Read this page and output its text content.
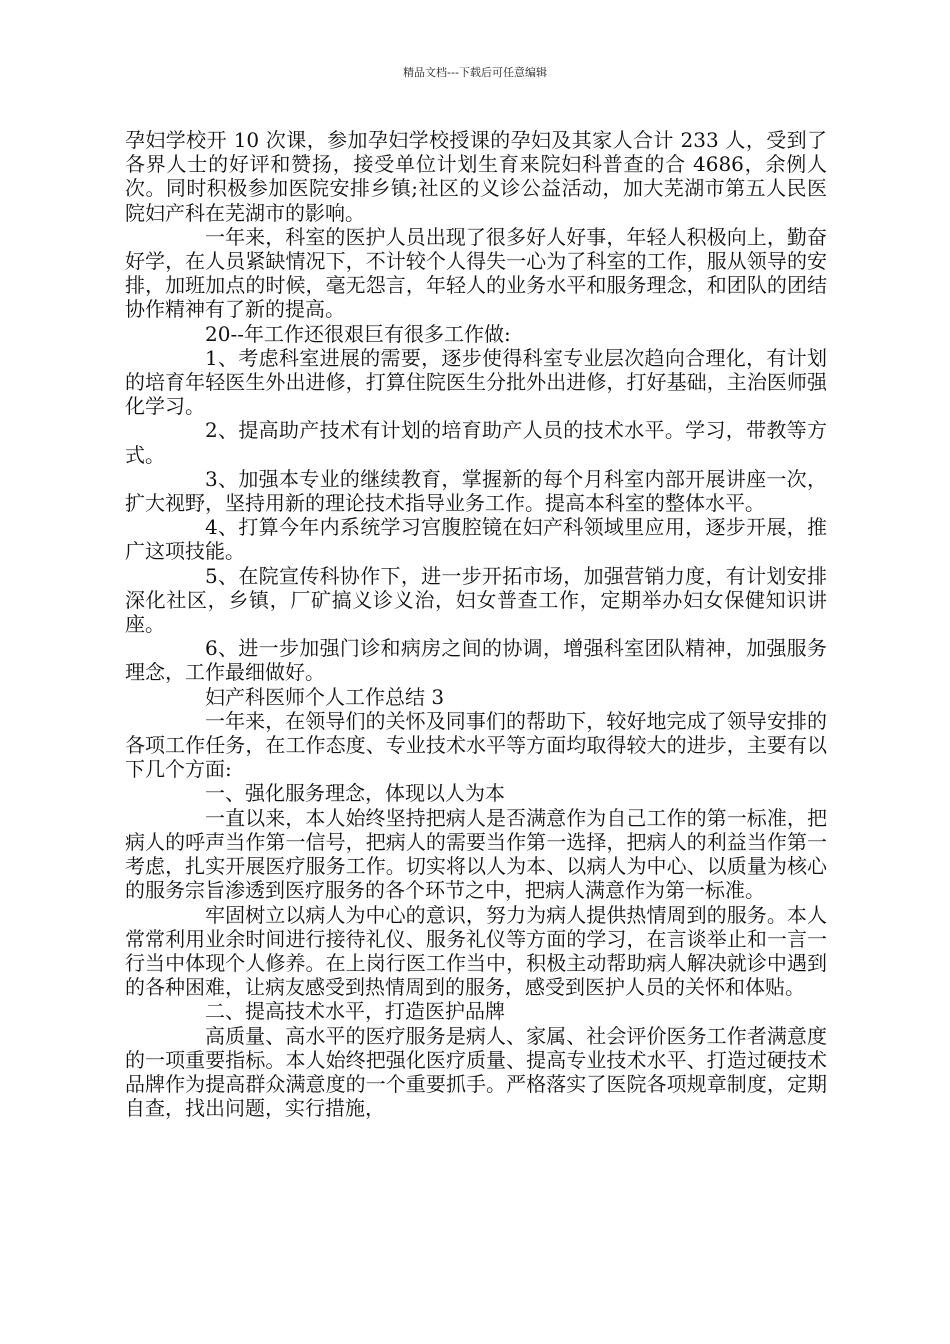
精品文档---下载后可任意编辑

孕妇学校开 10 次课，参加孕妇学校授课的孕妇及其家人合计 233 人，受到了各界人士的好评和赞扬，接受单位计划生育来院妇科普查的合 4686，余例人次。同时积极参加医院安排乡镇;社区的义诊公益活动，加大芜湖市第五人民医院妇产科在芜湖市的影响。

一年来，科室的医护人员出现了很多好人好事，年轻人积极向上，勤奋好学，在人员紧缺情况下，不计较个人得失一心为了科室的工作，服从领导的安排，加班加点的时候，毫无怨言，年轻人的业务水平和服务理念，和团队的团结协作精神有了新的提高。

20--年工作还很艰巨有很多工作做:

1、考虑科室进展的需要，逐步使得科室专业层次趋向合理化，有计划的培育年轻医生外出进修，打算住院医生分批外出进修，打好基础，主治医师强化学习。

2、提高助产技术有计划的培育助产人员的技术水平。学习，带教等方式。

3、加强本专业的继续教育，掌握新的每个月科室内部开展讲座一次，扩大视野，坚持用新的理论技术指导业务工作。提高本科室的整体水平。

4、打算今年内系统学习宫腹腔镜在妇产科领域里应用，逐步开展，推广这项技能。

5、在院宣传科协作下，进一步开拓市场，加强营销力度，有计划安排深化社区，乡镇，厂矿搞义诊义治，妇女普查工作，定期举办妇女保健知识讲座。

6、进一步加强门诊和病房之间的协调，增强科室团队精神，加强服务理念，工作最细做好。

妇产科医师个人工作总结 3

一年来，在领导们的关怀及同事们的帮助下，较好地完成了领导安排的各项工作任务，在工作态度、专业技术水平等方面均取得较大的进步，主要有以下几个方面:

一、强化服务理念，体现以人为本

一直以来，本人始终坚持把病人是否满意作为自己工作的第一标准，把病人的呼声当作第一信号，把病人的需要当作第一选择，把病人的利益当作第一考虑，扎实开展医疗服务工作。切实将以人为本、以病人为中心、以质量为核心的服务宗旨渗透到医疗服务的各个环节之中，把病人满意作为第一标准。

牢固树立以病人为中心的意识，努力为病人提供热情周到的服务。本人常常利用业余时间进行接待礼仪、服务礼仪等方面的学习，在言谈举止和一言一行当中体现个人修养。在上岗行医工作当中，积极主动帮助病人解决就诊中遇到的各种困难，让病友感受到热情周到的服务，感受到医护人员的关怀和体贴。

二、提高技术水平，打造医护品牌

高质量、高水平的医疗服务是病人、家属、社会评价医务工作者满意度的一项重要指标。本人始终把强化医疗质量、提高专业技术水平、打造过硬技术品牌作为提高群众满意度的一个重要抓手。严格落实了医院各项规章制度，定期自查，找出问题，实行措施，
